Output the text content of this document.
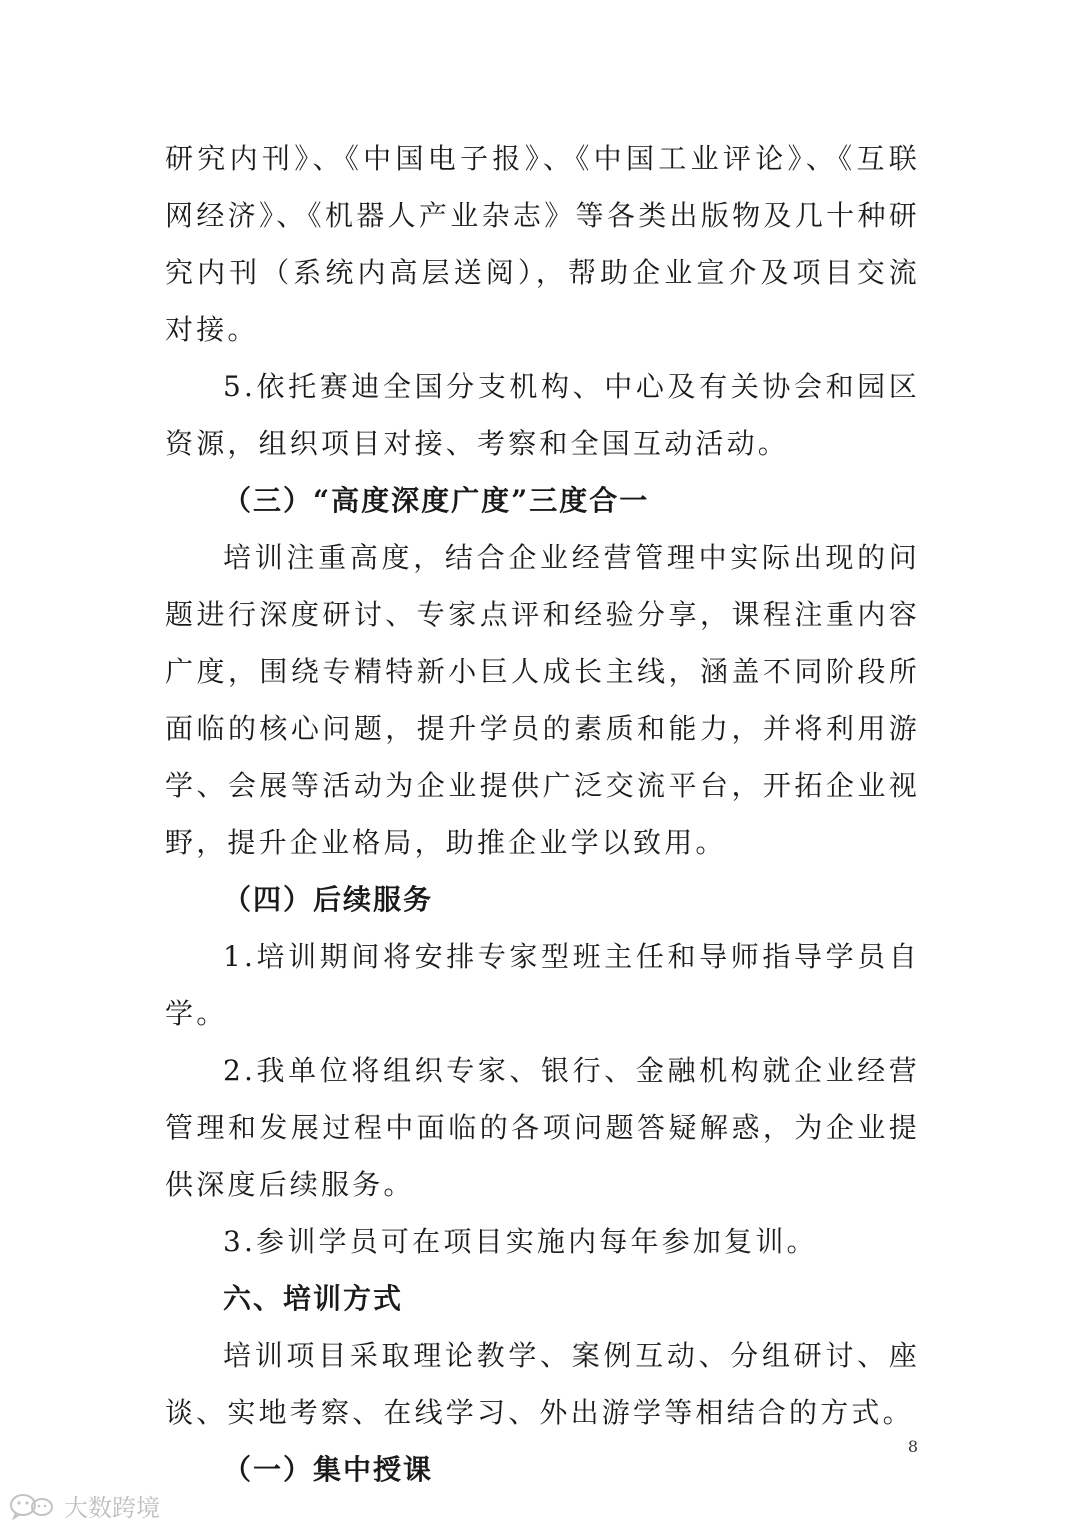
研究内刊》、《中国电子报》、《中国工业评论》、《互联网经济》、《机器人产业杂志》等各类出版物及几十种研究内刊（系统内高层送阅），帮助企业宣介及项目交流对接。

5.依托赛迪全国分支机构、中心及有关协会和园区资源，组织项目对接、考察和全国互动活动。

（三）“高度深度广度”三度合一

培训注重高度，结合企业经营管理中实际出现的问题进行深度研讨、专家点评和经验分享，课程注重内容广度，围绕专精特新小巨人成长主线，涵盖不同阶段所面临的核心问题，提升学员的素质和能力，并将利用游学、会展等活动为企业提供广泛交流平台，开拓企业视野，提升企业格局，助推企业学以致用。

（四）后续服务

1.培训期间将安排专家型班主任和导师指导学员自学。

2.我单位将组织专家、银行、金融机构就企业经营管理和发展过程中面临的各项问题答疑解惑，为企业提供深度后续服务。

3.参训学员可在项目实施内每年参加复训。

六、培训方式

培训项目采取理论教学、案例互动、分组研讨、座谈、实地考察、在线学习、外出游学等相结合的方式。

（一）集中授课

8
大数跨境
